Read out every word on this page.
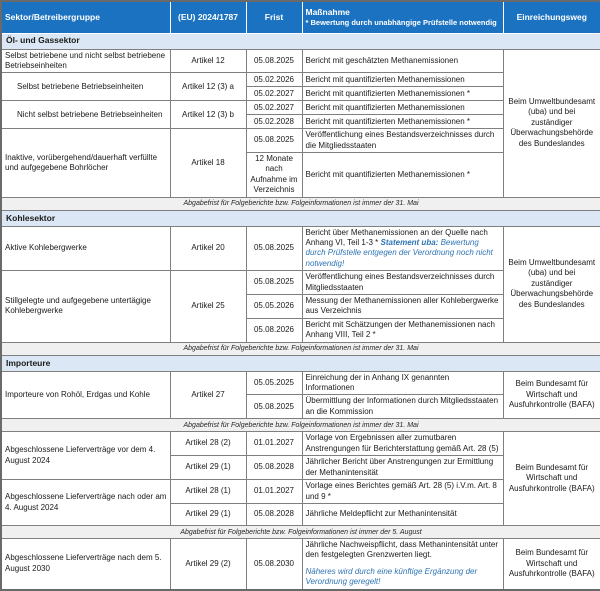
Sektor/Betreibergruppe	(EU) 2024/1787	Frist	Maßnahme
* Bewertung durch unabhängige Prüfstelle notwendig	Einreichungsweg
Öl- und Gassektor				
Selbst betriebene und nicht selbst betriebene Betriebseinheiten	Artikel 12	05.08.2025	Bericht mit geschätzten Methanemissionen	Beim Umweltbundesamt (uba) und bei zuständiger Überwachungsbehörde des Bundeslandes
Selbst betriebene Betriebseinheiten	Artikel 12 (3) a	05.02.2026	Bericht mit quantifizierten Methanemissionen	
		05.02.2027	Bericht mit quantifizierten Methanemissionen *	
Nicht selbst betriebene Betriebseinheiten	Artikel 12 (3) b	05.02.2027	Bericht mit quantifizierten Methanemissionen	
		05.02.2028	Bericht mit quantifizierten Methanemissionen *	
Inaktive, vorübergehend/dauerhaft verfüllte und aufgegebene Bohrlöcher	Artikel 18	05.08.2025	Veröffentlichung eines Bestandsverzeichnisses durch die Mitgliedsstaaten	
		12 Monate nach Aufnahme im Verzeichnis	Bericht mit quantifizierten Methanemissionen *	
Abgabefrist für Folgeberichte bzw. Folgeinformationen ist immer der 31. Mai				
Kohlesektor				
Aktive Kohlebergwerke	Artikel 20	05.08.2025	Bericht über Methanemissionen an der Quelle nach Anhang VI, Teil 1-3 * Statement uba: Bewertung durch Prüfstelle entgegen der Verordnung noch nicht notwendig!	Beim Umweltbundesamt (uba) und bei zuständiger Überwachungsbehörde des Bundeslandes
Stillgelegte und aufgegebene untertägige Kohlebergwerke	Artikel 25	05.08.2025	Veröffentlichung eines Bestandsverzeichnisses durch Mitgliedsstaaten	
		05.05.2026	Messung der Methanemissionen aller Kohlebergwerke aus Verzeichnis	
		05.08.2026	Bericht mit Schätzungen der Methanemissionen nach Anhang VIII, Teil 2 *	
Abgabefrist für Folgeberichte bzw. Folgeinformationen ist immer der 31. Mai				
Importeure				
Importeure von Rohöl, Erdgas und Kohle	Artikel 27	05.05.2025	Einreichung der in Anhang IX genannten Informationen	Beim Bundesamt für Wirtschaft und Ausfuhrkontrolle (BAFA)
		05.08.2025	Übermittlung der Informationen durch Mitgliedsstaaten an die Kommission	
Abgabefrist für Folgeberichte bzw. Folgeinformationen ist immer der 31. Mai				
Abgeschlossene Lieferverträge vor dem 4. August 2024	Artikel 28 (2)	01.01.2027	Vorlage von Ergebnissen aller zumutbaren Anstrengungen für Berichterstattung gemäß Art. 28 (5)	Beim Bundesamt für Wirtschaft und Ausfuhrkontrolle (BAFA)
	Artikel 29 (1)	05.08.2028	Jährlicher Bericht über Anstrengungen zur Ermittlung der Methanintensität	
Abgeschlossene Lieferverträge nach oder am 4. August 2024	Artikel 28 (1)	01.01.2027	Vorlage eines Berichtes gemäß Art. 28 (5) i.V.m. Art. 8 und 9 *	
	Artikel 29 (1)	05.08.2028	Jährliche Meldepflicht zur Methanintensität	
Abgabefrist für Folgeberichte bzw. Folgeinformationen ist immer der 5. August				
Abgeschlossene Lieferverträge nach dem 5. August 2030	Artikel 29 (2)	05.08.2030	Jährliche Nachweispflicht, dass Methanintensität unter den festgelegten Grenzwerten liegt.
Näheres wird durch eine künftige Ergänzung der Verordnung geregelt!	Beim Bundesamt für Wirtschaft und Ausfuhrkontrolle (BAFA)
